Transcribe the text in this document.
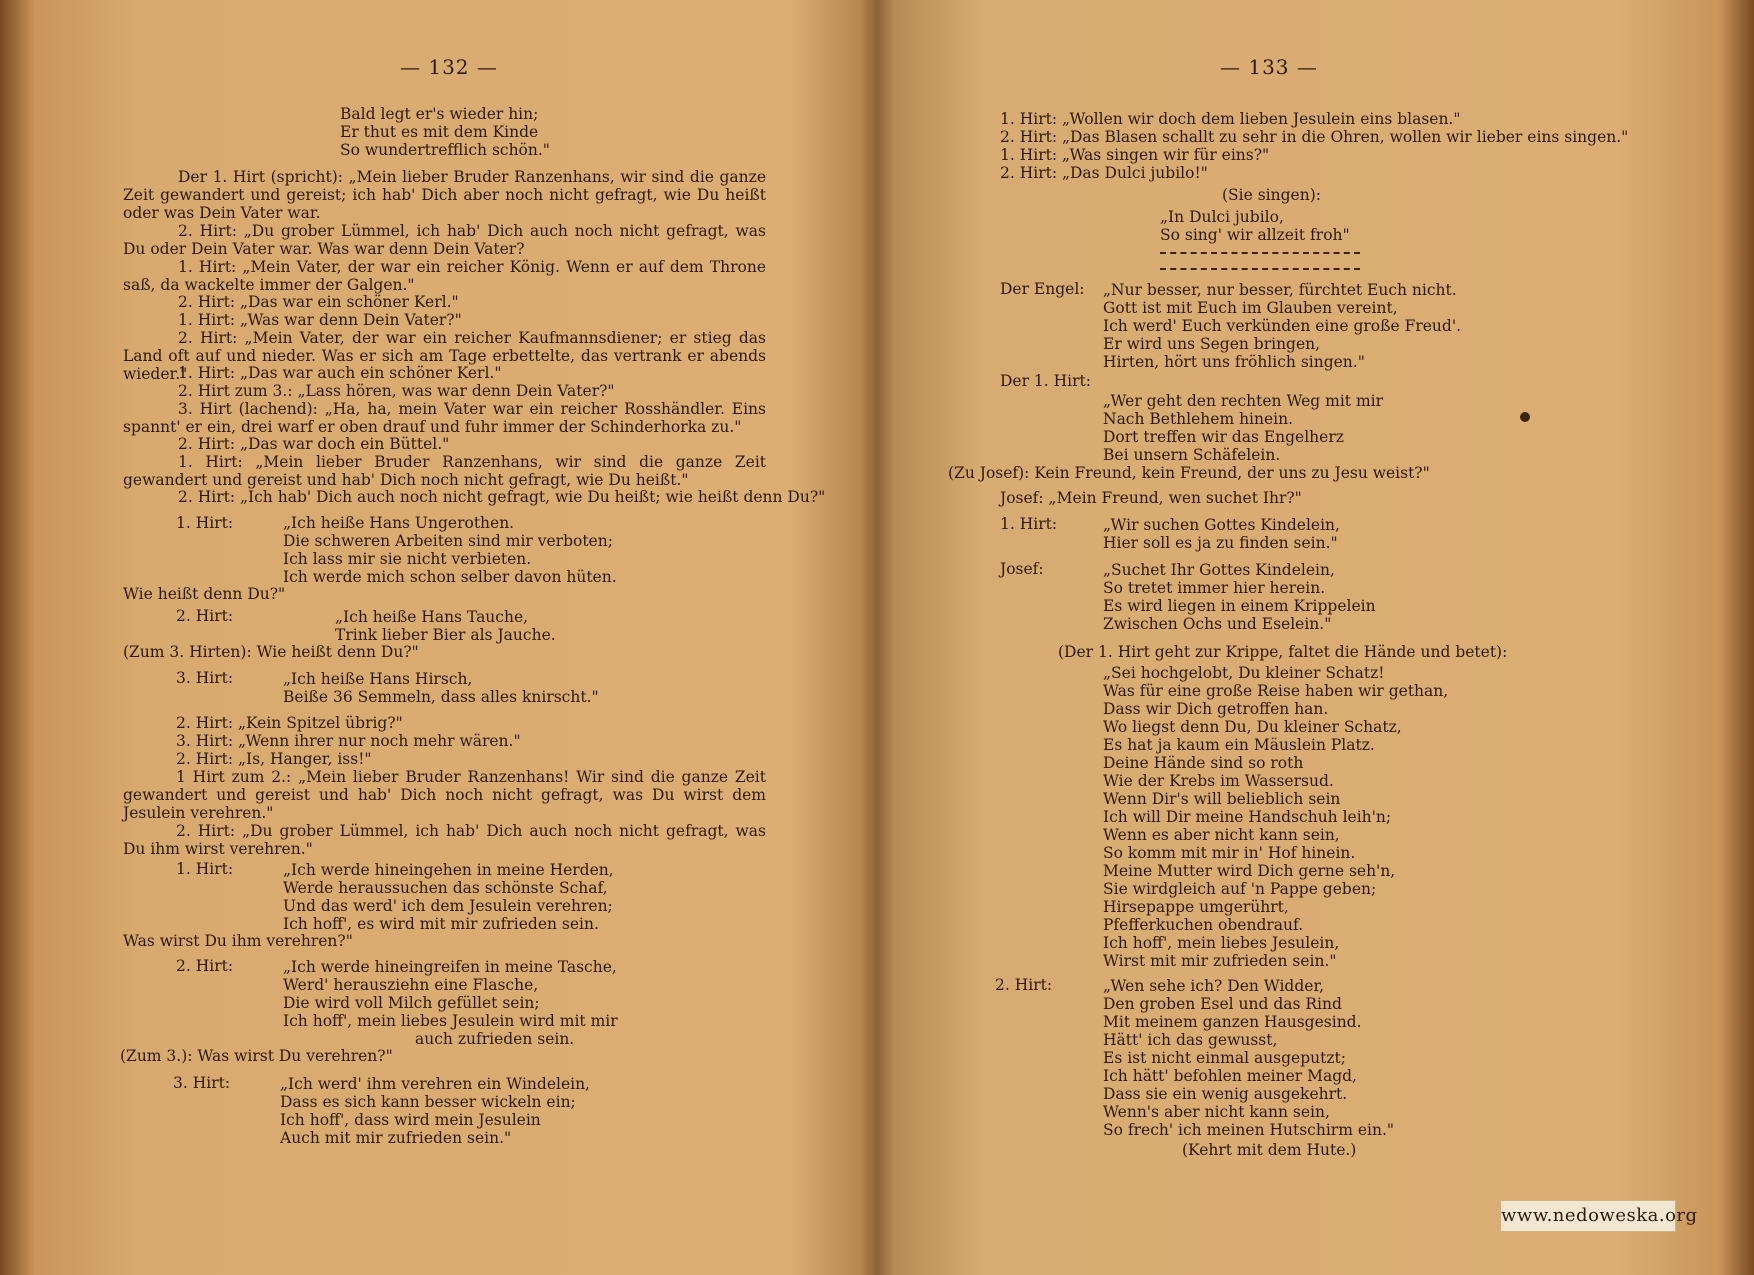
— 132 —
Bald legt er's wieder hin;
Er thut es mit dem Kinde
So wundertrefflich schön."
Der 1. Hirt (spricht): „Mein lieber Bruder Ranzenhans, wir sind die ganze Zeit gewandert und gereist; ich hab' Dich aber noch nicht gefragt, wie Du heißt oder was Dein Vater war.
2. Hirt: „Du grober Lümmel, ich hab' Dich auch noch nicht gefragt, was Du oder Dein Vater war. Was war denn Dein Vater?
1. Hirt: „Mein Vater, der war ein reicher König. Wenn er auf dem Throne saß, da wackelte immer der Galgen."
2. Hirt: „Das war ein schöner Kerl."
1. Hirt: „Was war denn Dein Vater?"
2. Hirt: „Mein Vater, der war ein reicher Kaufmannsdiener; er stieg das Land oft auf und nieder. Was er sich am Tage erbettelte, das vertrank er abends wieder."
1. Hirt: „Das war auch ein schöner Kerl."
2. Hirt zum 3.: „Lass hören, was war denn Dein Vater?"
3. Hirt (lachend): „Ha, ha, mein Vater war ein reicher Rosshändler. Eins spannt' er ein, drei warf er oben drauf und fuhr immer der Schinderhorka zu."
2. Hirt: „Das war doch ein Büttel."
1. Hirt: „Mein lieber Bruder Ranzenhans, wir sind die ganze Zeit gewandert und gereist und hab' Dich noch nicht gefragt, wie Du heißt."
2. Hirt: „Ich hab' Dich auch noch nicht gefragt, wie Du heißt; wie heißt denn Du?"
1. Hirt:	„Ich heiße Hans Ungerothen.
Die schweren Arbeiten sind mir verboten;
Ich lass mir sie nicht verbieten.
Ich werde mich schon selber davon hüten.
Wie heißt denn Du?"
2. Hirt:	„Ich heiße Hans Tauche,
Trink lieber Bier als Jauche.
(Zum 3. Hirten): Wie heißt denn Du?"
3. Hirt:	„Ich heiße Hans Hirsch,
Beiße 36 Semmeln, dass alles knirscht."
2. Hirt: „Kein Spitzel übrig?"
3. Hirt: „Wenn ihrer nur noch mehr wären."
2. Hirt: „Is, Hanger, iss!"
1 Hirt zum 2.: „Mein lieber Bruder Ranzenhans! Wir sind die ganze Zeit gewandert und gereist und hab' Dich noch nicht gefragt, was Du wirst dem Jesulein verehren."
2. Hirt: „Du grober Lümmel, ich hab' Dich auch noch nicht gefragt, was Du ihm wirst verehren."
1. Hirt:	„Ich werde hineingehen in meine Herden,
Werde heraussuchen das schönste Schaf,
Und das werd' ich dem Jesulein verehren;
Ich hoff', es wird mit mir zufrieden sein.
Was wirst Du ihm verehren?"
2. Hirt:	„Ich werde hineingreifen in meine Tasche,
Werd' herausziehn eine Flasche,
Die wird voll Milch gefüllet sein;
Ich hoff', mein liebes Jesulein wird mit mir
auch zufrieden sein.
(Zum 3.): Was wirst Du verehren?"
3. Hirt:	„Ich werd' ihm verehren ein Windelein,
Dass es sich kann besser wickeln ein;
Ich hoff', dass wird mein Jesulein
Auch mit mir zufrieden sein."
— 133 —
1. Hirt: „Wollen wir doch dem lieben Jesulein eins blasen."
2. Hirt: „Das Blasen schallt zu sehr in die Ohren, wollen wir lieber eins singen."
1. Hirt: „Was singen wir für eins?"
2. Hirt: „Das Dulci jubilo!"
(Sie singen):
„In Dulci jubilo,
So sing' wir allzeit froh"
Der Engel: „Nur besser, nur besser, fürchtet Euch nicht.
Gott ist mit Euch im Glauben vereint,
Ich werd' Euch verkünden eine große Freud'.
Er wird uns Segen bringen,
Hirten, hört uns fröhlich singen."
Der 1. Hirt:
„Wer geht den rechten Weg mit mir
Nach Bethlehem hinein.
Dort treffen wir das Engelherz
Bei unsern Schäfelein.
(Zu Josef): Kein Freund, kein Freund, der uns zu Jesu weist?"
Josef: „Mein Freund, wen suchet Ihr?"
1. Hirt:	„Wir suchen Gottes Kindelein,
Hier soll es ja zu finden sein."
Josef:	„Suchet Ihr Gottes Kindelein,
So tretet immer hier herein.
Es wird liegen in einem Krippelein
Zwischen Ochs und Eselein."
(Der 1. Hirt geht zur Krippe, faltet die Hände und betet):
„Sei hochgelobt, Du kleiner Schatz!
Was für eine große Reise haben wir gethan,
Dass wir Dich getroffen han.
Wo liegst denn Du, Du kleiner Schatz,
Es hat ja kaum ein Mäuslein Platz.
Deine Hände sind so roth
Wie der Krebs im Wassersud.
Wenn Dir's will belieblich sein
Ich will Dir meine Handschuh leih'n;
Wenn es aber nicht kann sein,
So komm mit mir in' Hof hinein.
Meine Mutter wird Dich gerne seh'n,
Sie wirdgleich auf 'n Pappe geben;
Hirsepappe umgerührt,
Pfefferkuchen obendrauf.
Ich hoff', mein liebes Jesulein,
Wirst mit mir zufrieden sein."
2. Hirt:	„Wen sehe ich? Den Widder,
Den groben Esel und das Rind
Mit meinem ganzen Hausgesind.
Hätt' ich das gewusst,
Es ist nicht einmal ausgeputzt;
Ich hätt' befohlen meiner Magd,
Dass sie ein wenig ausgekehrt.
Wenn's aber nicht kann sein,
So frech' ich meinen Hutschirm ein."
(Kehrt mit dem Hute.)
www.nedoweska.org
